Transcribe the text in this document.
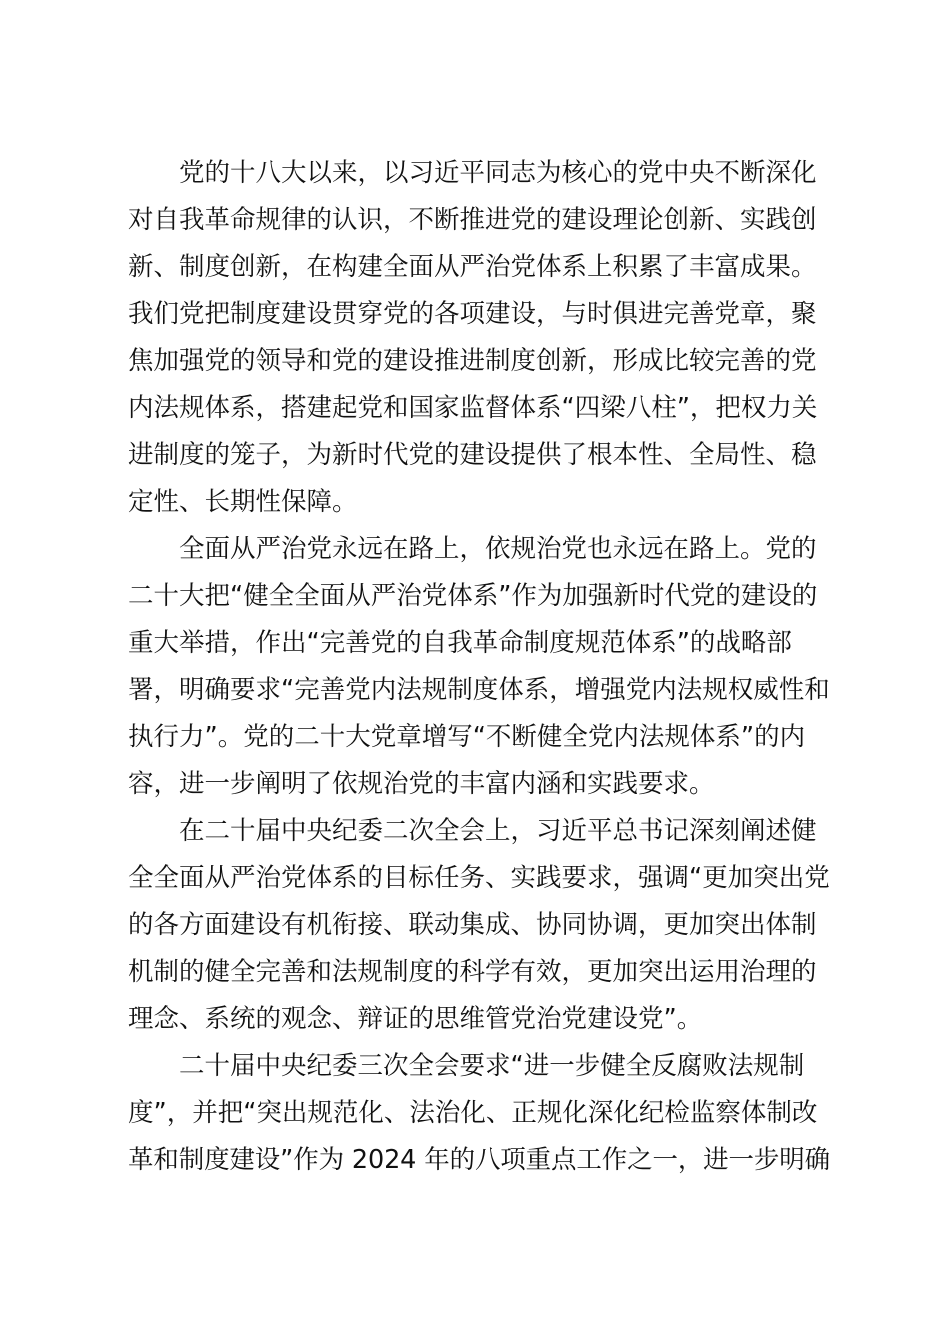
党的十八大以来，以习近平同志为核心的党中央不断深化
对自我革命规律的认识，不断推进党的建设理论创新、实践创
新、制度创新，在构建全面从严治党体系上积累了丰富成果。
我们党把制度建设贯穿党的各项建设，与时俱进完善党章，聚
焦加强党的领导和党的建设推进制度创新，形成比较完善的党
内法规体系，搭建起党和国家监督体系“四梁八柱”，把权力关
进制度的笼子，为新时代党的建设提供了根本性、全局性、稳
定性、长期性保障。
全面从严治党永远在路上，依规治党也永远在路上。党的
二十大把“健全全面从严治党体系”作为加强新时代党的建设的
重大举措，作出“完善党的自我革命制度规范体系”的战略部
署，明确要求“完善党内法规制度体系，增强党内法规权威性和
执行力”。党的二十大党章增写“不断健全党内法规体系”的内
容，进一步阐明了依规治党的丰富内涵和实践要求。
在二十届中央纪委二次全会上，习近平总书记深刻阐述健
全全面从严治党体系的目标任务、实践要求，强调“更加突出党
的各方面建设有机衔接、联动集成、协同协调，更加突出体制
机制的健全完善和法规制度的科学有效，更加突出运用治理的
理念、系统的观念、辩证的思维管党治党建设党”。
二十届中央纪委三次全会要求“进一步健全反腐败法规制
度”，并把“突出规范化、法治化、正规化深化纪检监察体制改
革和制度建设”作为 2024 年的八项重点工作之一，进一步明确
